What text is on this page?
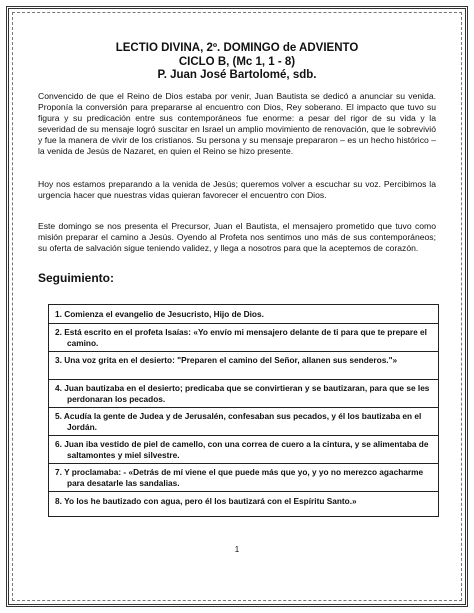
LECTIO DIVINA, 2º. DOMINGO de ADVIENTO
CICLO B, (Mc 1, 1 - 8)
P. Juan José Bartolomé, sdb.

Convencido de que el Reino de Dios estaba por venir, Juan Bautista se dedicó a anunciar su venida. Proponía la conversión para prepararse al encuentro con Dios, Rey soberano. El impacto que tuvo su figura y su predicación entre sus contemporáneos fue enorme: a pesar del rigor de su vida y la severidad de su mensaje logró suscitar en Israel un amplio movimiento de renovación, que le sobrevivió y fue la manera de vivir de los cristianos. Su persona y su mensaje prepararon – es un hecho histórico – la venida de Jesús de Nazaret, en quien el Reino se hizo presente.

Hoy nos estamos preparando a la venida de Jesús; queremos volver a escuchar su voz. Percibimos la urgencia hacer que nuestras vidas quieran favorecer el encuentro con Dios.

Este domingo se nos presenta el Precursor, Juan el Bautista, el mensajero prometido que tuvo como misión preparar el camino a Jesús. Oyendo al Profeta nos sentimos uno más de sus contemporáneos; su oferta de salvación sigue teniendo validez, y llega a nosotros para que la aceptemos de corazón.

Seguimiento:
1. Comienza el evangelio de Jesucristo, Hijo de Dios.
2. Está escrito en el profeta Isaías: «Yo envío mi mensajero delante de ti para que te prepare el camino.
3. Una voz grita en el desierto: "Preparen el camino del Señor, allanen sus senderos."»
4. Juan bautizaba en el desierto; predicaba que se convirtieran y se bautizaran, para que se les perdonaran los pecados.
5. Acudía la gente de Judea y de Jerusalén, confesaban sus pecados, y él los bautizaba en el Jordán.
6. Juan iba vestido de piel de camello, con una correa de cuero a la cintura, y se alimentaba de saltamontes y miel silvestre.
7. Y proclamaba: - «Detrás de mí viene el que puede más que yo, y yo no merezco agacharme para desatarle las sandalias.
8. Yo los he bautizado con agua, pero él los bautizará con el Espíritu Santo.»
1
